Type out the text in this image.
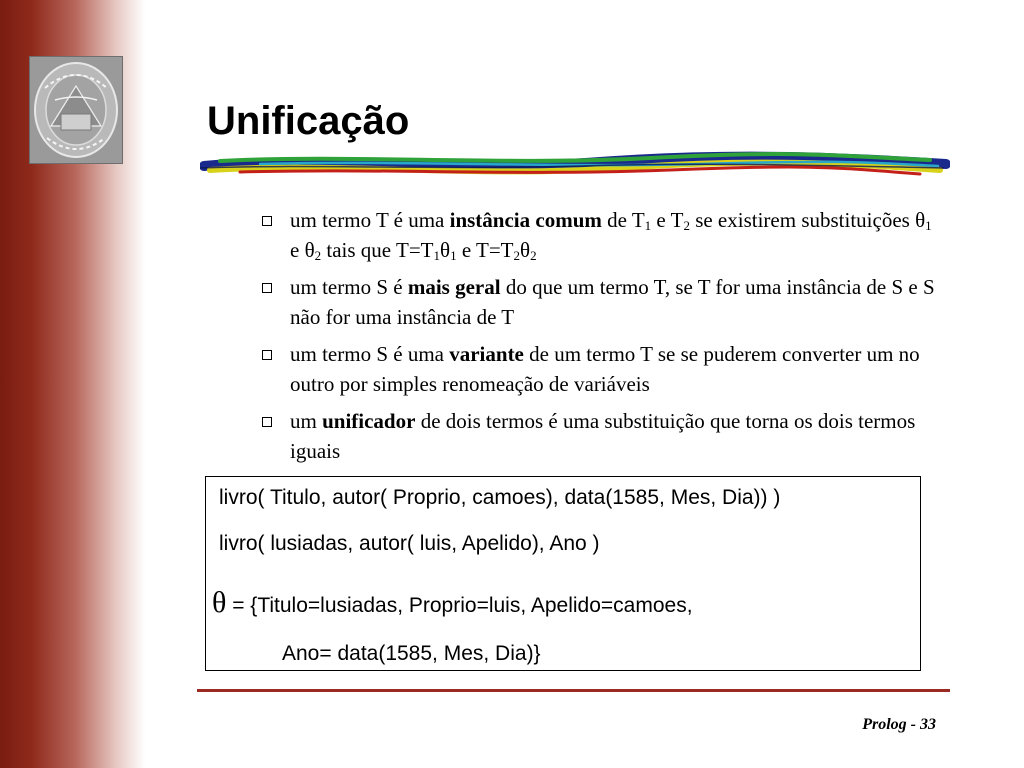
Unificação
um termo T é uma instância comum de $T_1$ e $T_2$ se existirem substituições $\theta_1$ e $\theta_2$ tais que $T=T_1\theta_1$ e $T=T_2\theta_2$
um termo S é mais geral do que um termo T, se T for uma instância de S e S não for uma instância de T
um termo S é uma variante de um termo T se se puderem converter um no outro por simples renomeação de variáveis
um unificador de dois termos é uma substituição que torna os dois termos iguais
livro( Titulo, autor( Proprio, camoes), data(1585, Mes, Dia)) )
livro( lusiadas, autor( luis, Apelido), Ano )
θ = {Titulo=lusiadas, Proprio=luis, Apelido=camoes,
Ano= data(1585, Mes, Dia)}
Prolog - 33
